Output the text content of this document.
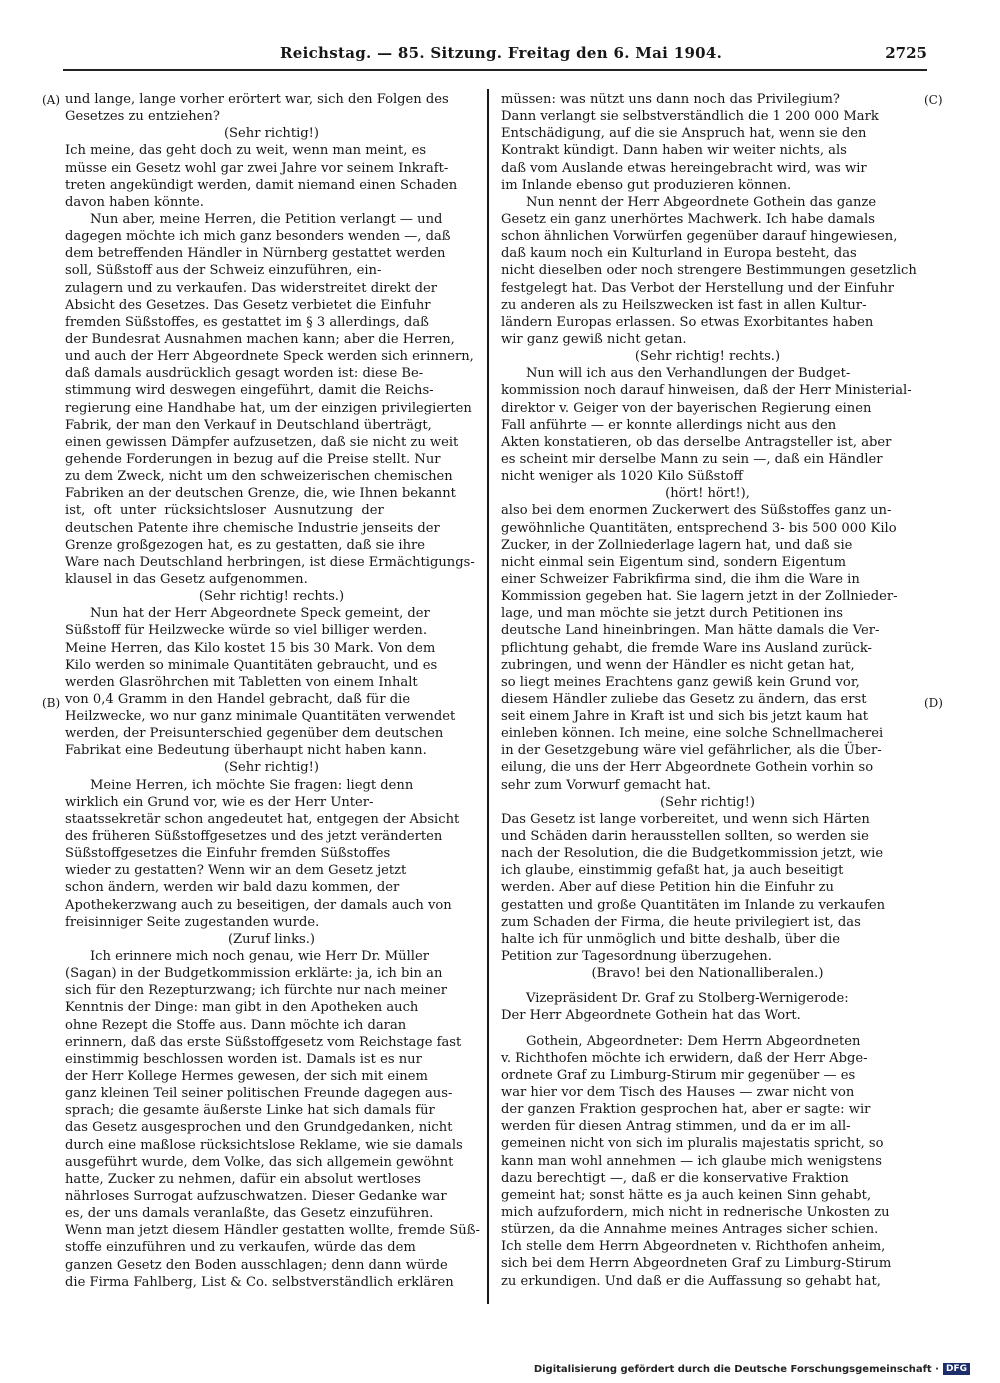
Reichstag. — 85. Sitzung. Freitag den 6. Mai 1904.	2725
(A)
(B)
(C)
(D)
und lange, lange vorher erörtert war, sich den Folgen des
Gesetzes zu entziehen?
(Sehr richtig!)
Ich meine, das geht doch zu weit, wenn man meint, es
müsse ein Gesetz wohl gar zwei Jahre vor seinem Inkraft-
treten angekündigt werden, damit niemand einen Schaden
davon haben könnte.
Nun aber, meine Herren, die Petition verlangt — und
dagegen möchte ich mich ganz besonders wenden —, daß
dem betreffenden Händler in Nürnberg gestattet werden
soll, Süßstoff aus der Schweiz einzuführen, ein-
zulagern und zu verkaufen. Das widerstreitet direkt der
Absicht des Gesetzes. Das Gesetz verbietet die Einfuhr
fremden Süßstoffes, es gestattet im § 3 allerdings, daß
der Bundesrat Ausnahmen machen kann; aber die Herren,
und auch der Herr Abgeordnete Speck werden sich erinnern,
daß damals ausdrücklich gesagt worden ist: diese Be-
stimmung wird deswegen eingeführt, damit die Reichs-
regierung eine Handhabe hat, um der einzigen privilegierten
Fabrik, der man den Verkauf in Deutschland überträgt,
einen gewissen Dämpfer aufzusetzen, daß sie nicht zu weit
gehende Forderungen in bezug auf die Preise stellt. Nur
zu dem Zweck, nicht um den schweizerischen chemischen
Fabriken an der deutschen Grenze, die, wie Ihnen bekannt
ist,  oft  unter  rücksichtsloser  Ausnutzung  der
deutschen Patente ihre chemische Industrie jenseits der
Grenze großgezogen hat, es zu gestatten, daß sie ihre
Ware nach Deutschland herbringen, ist diese Ermächtigungs-
klausel in das Gesetz aufgenommen.
(Sehr richtig! rechts.)
Nun hat der Herr Abgeordnete Speck gemeint, der
Süßstoff für Heilzwecke würde so viel billiger werden.
Meine Herren, das Kilo kostet 15 bis 30 Mark. Von dem
Kilo werden so minimale Quantitäten gebraucht, und es
werden Glasröhrchen mit Tabletten von einem Inhalt
von 0,4 Gramm in den Handel gebracht, daß für die
Heilzwecke, wo nur ganz minimale Quantitäten verwendet
werden, der Preisunterschied gegenüber dem deutschen
Fabrikat eine Bedeutung überhaupt nicht haben kann.
(Sehr richtig!)
Meine Herren, ich möchte Sie fragen: liegt denn
wirklich ein Grund vor, wie es der Herr Unter-
staatssekretär schon angedeutet hat, entgegen der Absicht
des früheren Süßstoffgesetzes und des jetzt veränderten
Süßstoffgesetzes die Einfuhr fremden Süßstoffes
wieder zu gestatten? Wenn wir an dem Gesetz jetzt
schon ändern, werden wir bald dazu kommen, der
Apothekerzwang auch zu beseitigen, der damals auch von
freisinniger Seite zugestanden wurde.
(Zuruf links.)
Ich erinnere mich noch genau, wie Herr Dr. Müller
(Sagan) in der Budgetkommission erklärte: ja, ich bin an
sich für den Rezepturzwang; ich fürchte nur nach meiner
Kenntnis der Dinge: man gibt in den Apotheken auch
ohne Rezept die Stoffe aus. Dann möchte ich daran
erinnern, daß das erste Süßstoffgesetz vom Reichstage fast
einstimmig beschlossen worden ist. Damals ist es nur
der Herr Kollege Hermes gewesen, der sich mit einem
ganz kleinen Teil seiner politischen Freunde dagegen aus-
sprach; die gesamte äußerste Linke hat sich damals für
das Gesetz ausgesprochen und den Grundgedanken, nicht
durch eine maßlose rücksichtslose Reklame, wie sie damals
ausgeführt wurde, dem Volke, das sich allgemein gewöhnt
hatte, Zucker zu nehmen, dafür ein absolut wertloses
nährloses Surrogat aufzuschwatzen. Dieser Gedanke war
es, der uns damals veranlaßte, das Gesetz einzuführen.
Wenn man jetzt diesem Händler gestatten wollte, fremde Süß-
stoffe einzuführen und zu verkaufen, würde das dem
ganzen Gesetz den Boden ausschlagen; denn dann würde
die Firma Fahlberg, List & Co. selbstverständlich erklären
müssen: was nützt uns dann noch das Privilegium?
Dann verlangt sie selbstverständlich die 1 200 000 Mark
Entschädigung, auf die sie Anspruch hat, wenn sie den
Kontrakt kündigt. Dann haben wir weiter nichts, als
daß vom Auslande etwas hereingebracht wird, was wir
im Inlande ebenso gut produzieren können.
Nun nennt der Herr Abgeordnete Gothein das ganze
Gesetz ein ganz unerhörtes Machwerk. Ich habe damals
schon ähnlichen Vorwürfen gegenüber darauf hingewiesen,
daß kaum noch ein Kulturland in Europa besteht, das
nicht dieselben oder noch strengere Bestimmungen gesetzlich
festgelegt hat. Das Verbot der Herstellung und der Einfuhr
zu anderen als zu Heilszwecken ist fast in allen Kultur-
ländern Europas erlassen. So etwas Exorbitantes haben
wir ganz gewiß nicht getan.
(Sehr richtig! rechts.)
Nun will ich aus den Verhandlungen der Budget-
kommission noch darauf hinweisen, daß der Herr Ministerial-
direktor v. Geiger von der bayerischen Regierung einen
Fall anführte — er konnte allerdings nicht aus den
Akten konstatieren, ob das derselbe Antragsteller ist, aber
es scheint mir derselbe Mann zu sein —, daß ein Händler
nicht weniger als 1020 Kilo Süßstoff
(hört! hört!),
also bei dem enormen Zuckerwert des Süßstoffes ganz un-
gewöhnliche Quantitäten, entsprechend 3- bis 500 000 Kilo
Zucker, in der Zollniederlage lagern hat, und daß sie
nicht einmal sein Eigentum sind, sondern Eigentum
einer Schweizer Fabrikfirma sind, die ihm die Ware in
Kommission gegeben hat. Sie lagern jetzt in der Zollnieder-
lage, und man möchte sie jetzt durch Petitionen ins
deutsche Land hineinbringen. Man hätte damals die Ver-
pflichtung gehabt, die fremde Ware ins Ausland zurück-
zubringen, und wenn der Händler es nicht getan hat,
so liegt meines Erachtens ganz gewiß kein Grund vor,
diesem Händler zuliebe das Gesetz zu ändern, das erst
seit einem Jahre in Kraft ist und sich bis jetzt kaum hat
einleben können. Ich meine, eine solche Schnellmacherei
in der Gesetzgebung wäre viel gefährlicher, als die Über-
eilung, die uns der Herr Abgeordnete Gothein vorhin so
sehr zum Vorwurf gemacht hat.
(Sehr richtig!)
Das Gesetz ist lange vorbereitet, und wenn sich Härten
und Schäden darin herausstellen sollten, so werden sie
nach der Resolution, die die Budgetkommission jetzt, wie
ich glaube, einstimmig gefaßt hat, ja auch beseitigt
werden. Aber auf diese Petition hin die Einfuhr zu
gestatten und große Quantitäten im Inlande zu verkaufen
zum Schaden der Firma, die heute privilegiert ist, das
halte ich für unmöglich und bitte deshalb, über die
Petition zur Tagesordnung überzugehen.
(Bravo! bei den Nationalliberalen.)
Vizepräsident Dr. Graf zu Stolberg-Wernigerode:
Der Herr Abgeordnete Gothein hat das Wort.
Gothein, Abgeordneter: Dem Herrn Abgeordneten
v. Richthofen möchte ich erwidern, daß der Herr Abge-
ordnete Graf zu Limburg-Stirum mir gegenüber — es
war hier vor dem Tisch des Hauses — zwar nicht von
der ganzen Fraktion gesprochen hat, aber er sagte: wir
werden für diesen Antrag stimmen, und da er im all-
gemeinen nicht von sich im pluralis majestatis spricht, so
kann man wohl annehmen — ich glaube mich wenigstens
dazu berechtigt —, daß er die konservative Fraktion
gemeint hat; sonst hätte es ja auch keinen Sinn gehabt,
mich aufzufordern, mich nicht in rednerische Unkosten zu
stürzen, da die Annahme meines Antrages sicher schien.
Ich stelle dem Herrn Abgeordneten v. Richthofen anheim,
sich bei dem Herrn Abgeordneten Graf zu Limburg-Stirum
zu erkundigen. Und daß er die Auffassung so gehabt hat,
Digitalisierung gefördert durch die Deutsche Forschungsgemeinschaft · DFG
